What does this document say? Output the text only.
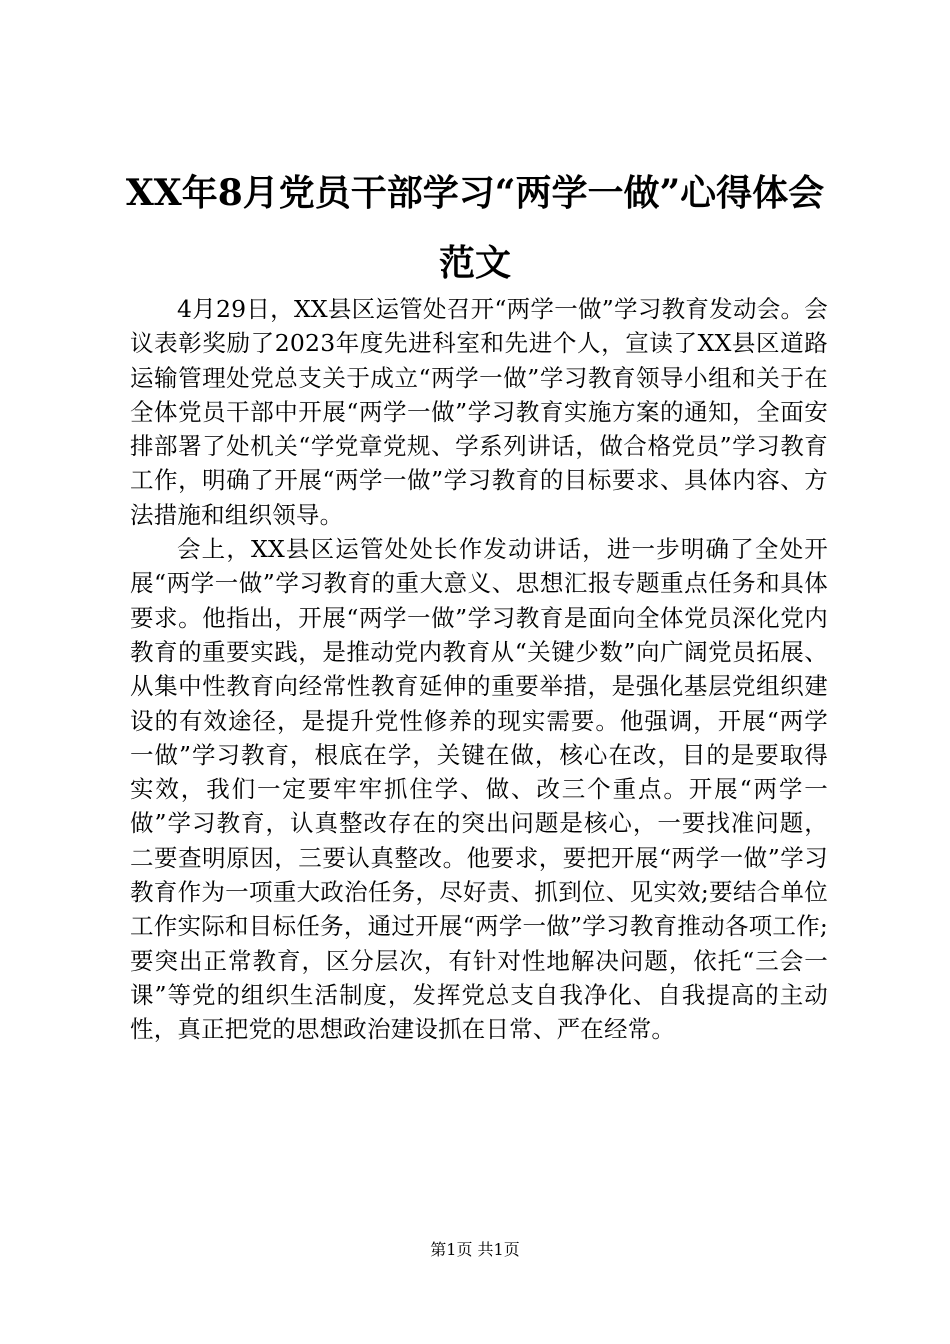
XX年8月党员干部学习“两学一做”心得体会范文

4月29日，XX县区运管处召开“两学一做”学习教育发动会。会议表彰奖励了2023年度先进科室和先进个人，宣读了XX县区道路运输管理处党总支关于成立“两学一做”学习教育领导小组和关于在全体党员干部中开展“两学一做”学习教育实施方案的通知，全面安排部署了处机关“学党章党规、学系列讲话，做合格党员”学习教育工作，明确了开展“两学一做”学习教育的目标要求、具体内容、方法措施和组织领导。

会上，XX县区运管处处长作发动讲话，进一步明确了全处开展“两学一做”学习教育的重大意义、思想汇报专题重点任务和具体要求。他指出，开展“两学一做”学习教育是面向全体党员深化党内教育的重要实践，是推动党内教育从“关键少数”向广阔党员拓展、从集中性教育向经常性教育延伸的重要举措，是强化基层党组织建设的有效途径，是提升党性修养的现实需要。他强调，开展“两学一做”学习教育，根底在学，关键在做，核心在改，目的是要取得实效，我们一定要牢牢抓住学、做、改三个重点。开展“两学一做”学习教育，认真整改存在的突出问题是核心，一要找准问题，二要查明原因，三要认真整改。他要求，要把开展“两学一做”学习教育作为一项重大政治任务，尽好责、抓到位、见实效;要结合单位工作实际和目标任务，通过开展“两学一做”学习教育推动各项工作;要突出正常教育，区分层次，有针对性地解决问题，依托“三会一课”等党的组织生活制度，发挥党总支自我净化、自我提高的主动性，真正把党的思想政治建设抓在日常、严在经常。

第1页 共1页
